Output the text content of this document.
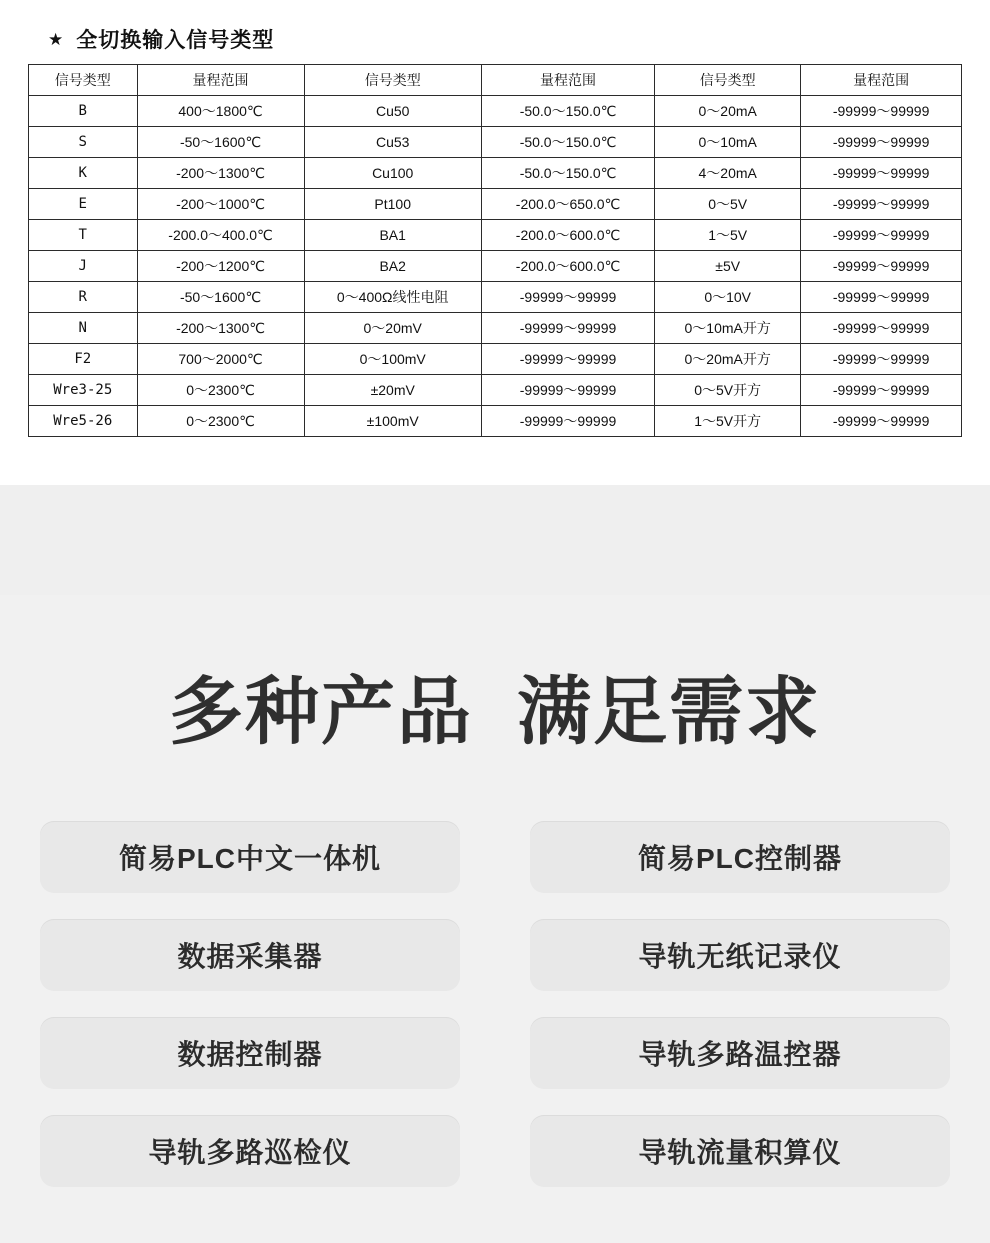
★ 全切换输入信号类型
信号类型	量程范围	信号类型	量程范围	信号类型	量程范围
B	400～1800℃	Cu50	-50.0～150.0℃	0～20mA	-99999～99999
S	-50～1600℃	Cu53	-50.0～150.0℃	0～10mA	-99999～99999
K	-200～1300℃	Cu100	-50.0～150.0℃	4～20mA	-99999～99999
E	-200～1000℃	Pt100	-200.0～650.0℃	0～5V	-99999～99999
T	-200.0～400.0℃	BA1	-200.0～600.0℃	1～5V	-99999～99999
J	-200～1200℃	BA2	-200.0～600.0℃	±5V	-99999～99999
R	-50～1600℃	0～400Ω线性电阻	-99999～99999	0～10V	-99999～99999
N	-200～1300℃	0～20mV	-99999～99999	0～10mA开方	-99999～99999
F2	700～2000℃	0～100mV	-99999～99999	0～20mA开方	-99999～99999
Wre3-25	0～2300℃	±20mV	-99999～99999	0～5V开方	-99999～99999
Wre5-26	0～2300℃	±100mV	-99999～99999	1～5V开方	-99999～99999
多种产品 满足需求
简易PLC中文一体机	简易PLC控制器
数据采集器	导轨无纸记录仪
数据控制器	导轨多路温控器
导轨多路巡检仪	导轨流量积算仪
